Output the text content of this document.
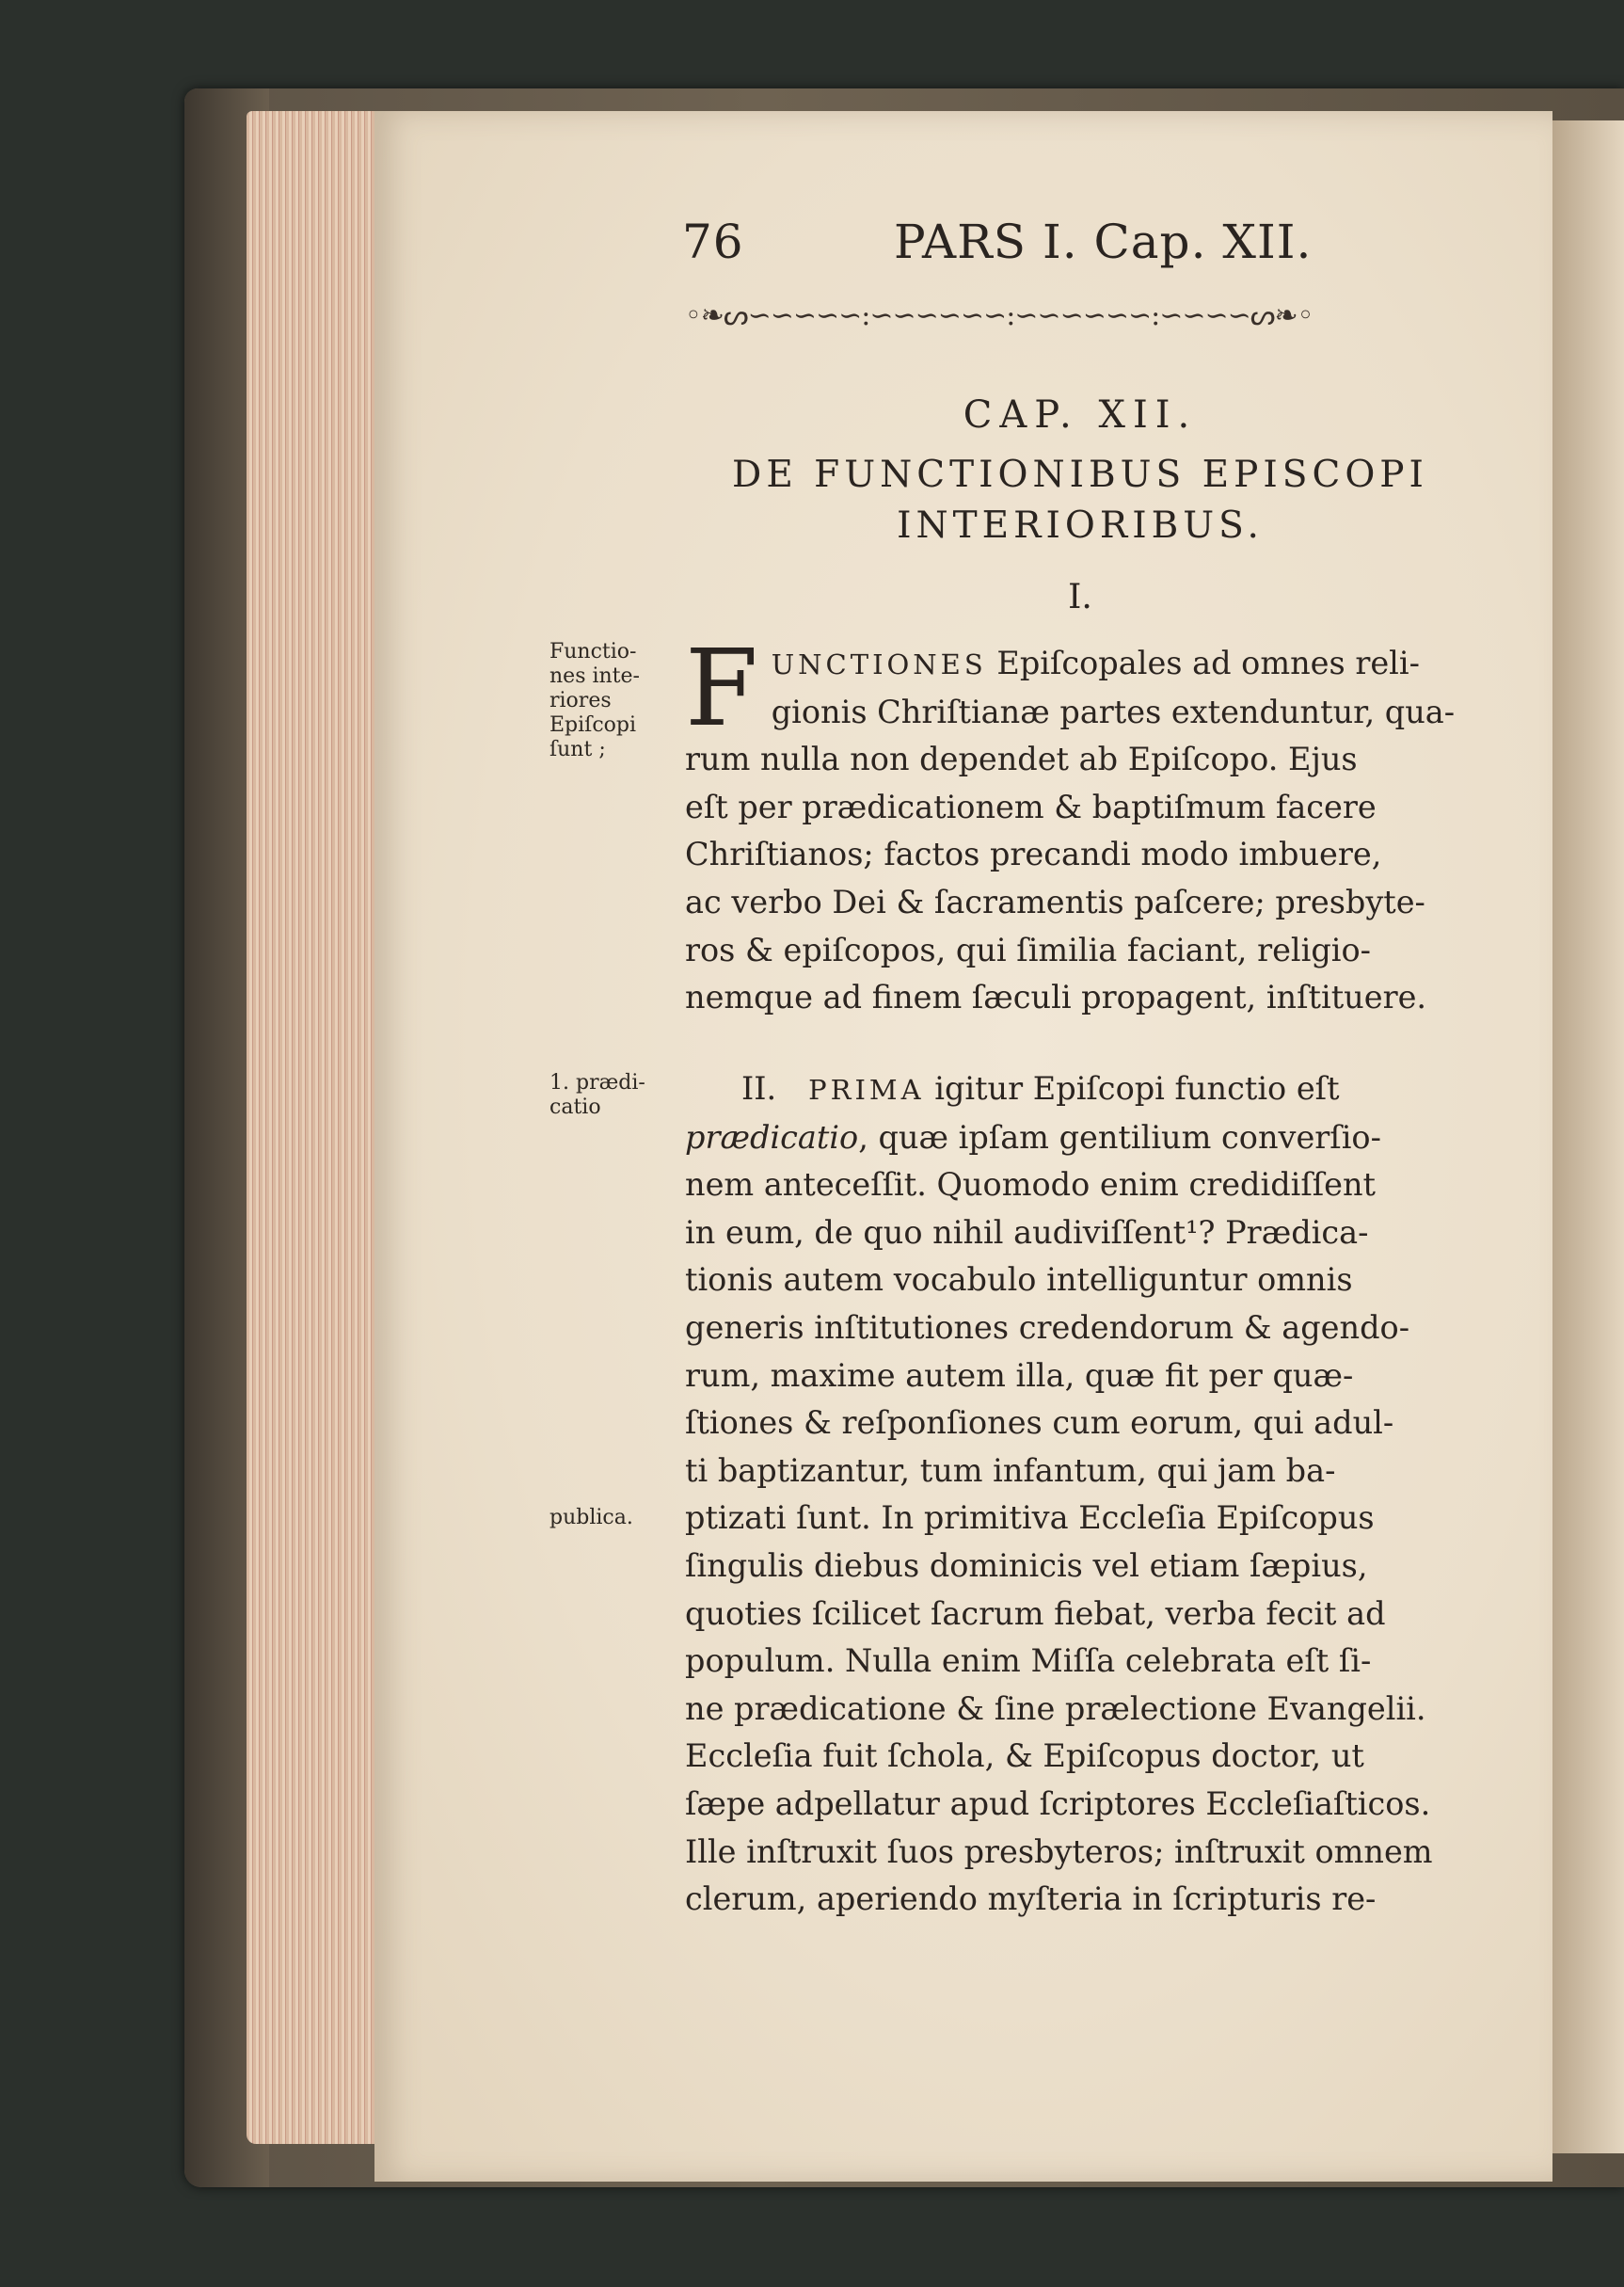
76	PARS I. Cap. XII.
◦❧ᔕ∽∽∽∽∽:∽∽∽∽∽∽:∽∽∽∽∽∽:∽∽∽∽ᔕ❧◦
CAP. XII.
DE FUNCTIONIBUS EPISCOPI
INTERIORIBUS.
I.
Functio-
nes inte-
riores
Epiſcopi
ſunt ; F UNCTIONES Epiſcopales ad omnes reli-
gionis Chriſtianæ partes extenduntur, qua-
rum nulla non dependet ab Epiſcopo. Ejus
eſt per prædicationem & baptiſmum facere
Chriſtianos; factos precandi modo imbuere,
ac verbo Dei & ſacramentis paſcere; presbyte-
ros & epiſcopos, qui ſimilia faciant, religio-
nemque ad finem ſæculi propagent, inſtituere.
1. prædi-
catio
publica.
II. PRIMA igitur Epiſcopi functio eſt
prædicatio, quæ ipſam gentilium converſio-
nem anteceſſit. Quomodo enim credidiſſent
in eum, de quo nihil audiviſſent¹? Prædica-
tionis autem vocabulo intelliguntur omnis
generis inſtitutiones credendorum & agendo-
rum, maxime autem illa, quæ fit per quæ-
ſtiones & reſponſiones cum eorum, qui adul-
ti baptizantur, tum infantum, qui jam ba-
ptizati ſunt. In primitiva Eccleſia Epiſcopus
ſingulis diebus dominicis vel etiam ſæpius,
quoties ſcilicet ſacrum fiebat, verba fecit ad
populum. Nulla enim Miſſa celebrata eſt ſi-
ne prædicatione & ſine prælectione Evangelii.
Eccleſia fuit ſchola, & Epiſcopus doctor, ut
ſæpe adpellatur apud ſcriptores Eccleſiaſticos.
Ille inſtruxit ſuos presbyteros; inſtruxit omnem
clerum, aperiendo myſteria in ſcripturis re-
